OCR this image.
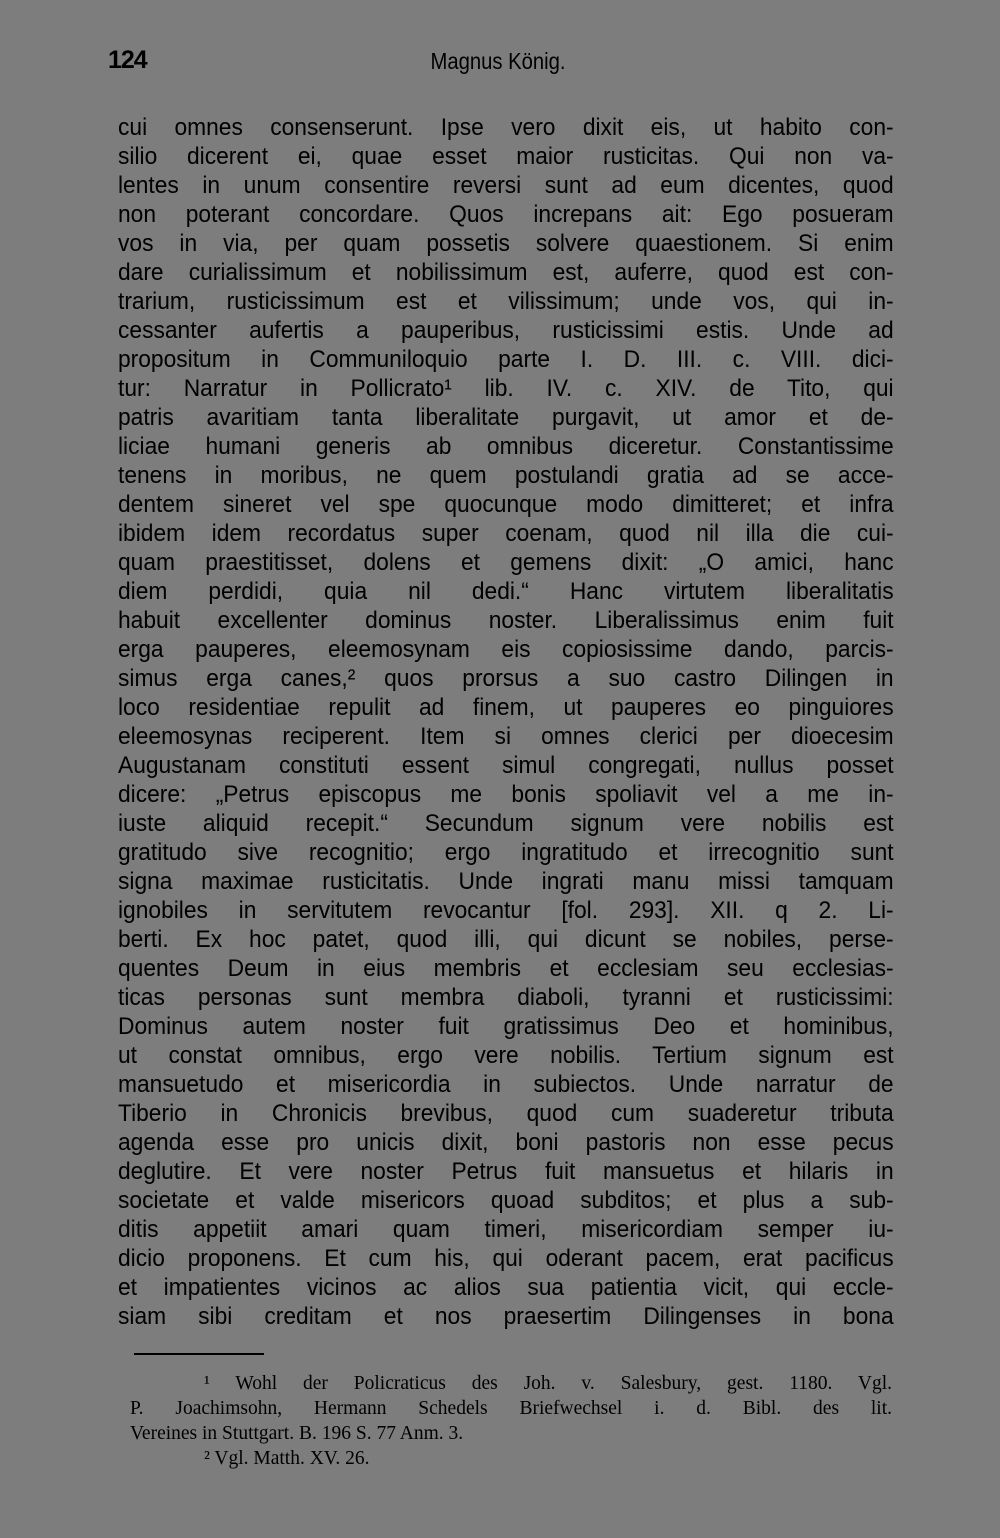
124	Magnus König.
cui omnes consenserunt. Ipse vero dixit eis, ut habito con-
silio dicerent ei, quae esset maior rusticitas. Qui non va-
lentes in unum consentire reversi sunt ad eum dicentes, quod
non poterant concordare. Quos increpans ait: Ego posueram
vos in via, per quam possetis solvere quaestionem. Si enim
dare curialissimum et nobilissimum est, auferre, quod est con-
trarium, rusticissimum est et vilissimum; unde vos, qui in-
cessanter aufertis a pauperibus, rusticissimi estis. Unde ad
propositum in Communiloquio parte I. D. III. c. VIII. dici-
tur: Narratur in Pollicrato¹ lib. IV. c. XIV. de Tito, qui
patris avaritiam tanta liberalitate purgavit, ut amor et de-
liciae humani generis ab omnibus diceretur. Constantissime
tenens in moribus, ne quem postulandi gratia ad se acce-
dentem sineret vel spe quocunque modo dimitteret; et infra
ibidem idem recordatus super coenam, quod nil illa die cui-
quam praestitisset, dolens et gemens dixit: „O amici, hanc
diem perdidi, quia nil dedi.“ Hanc virtutem liberalitatis
habuit excellenter dominus noster. Liberalissimus enim fuit
erga pauperes, eleemosynam eis copiosissime dando, parcis-
simus erga canes,² quos prorsus a suo castro Dilingen in
loco residentiae repulit ad finem, ut pauperes eo pinguiores
eleemosynas reciperent. Item si omnes clerici per dioecesim
Augustanam constituti essent simul congregati, nullus posset
dicere: „Petrus episcopus me bonis spoliavit vel a me in-
iuste aliquid recepit.“ Secundum signum vere nobilis est
gratitudo sive recognitio; ergo ingratitudo et irrecognitio sunt
signa maximae rusticitatis. Unde ingrati manu missi tamquam
ignobiles in servitutem revocantur [fol. 293]. XII. q 2. Li-
berti. Ex hoc patet, quod illi, qui dicunt se nobiles, perse-
quentes Deum in eius membris et ecclesiam seu ecclesias-
ticas personas sunt membra diaboli, tyranni et rusticissimi:
Dominus autem noster fuit gratissimus Deo et hominibus,
ut constat omnibus, ergo vere nobilis. Tertium signum est
mansuetudo et misericordia in subiectos. Unde narratur de
Tiberio in Chronicis brevibus, quod cum suaderetur tributa
agenda esse pro unicis dixit, boni pastoris non esse pecus
deglutire. Et vere noster Petrus fuit mansuetus et hilaris in
societate et valde misericors quoad subditos; et plus a sub-
ditis appetiit amari quam timeri, misericordiam semper iu-
dicio proponens. Et cum his, qui oderant pacem, erat pacificus
et impatientes vicinos ac alios sua patientia vicit, qui eccle-
siam sibi creditam et nos praesertim Dilingenses in bona
¹ Wohl der Policraticus des Joh. v. Salesbury, gest. 1180. Vgl.
P. Joachimsohn, Hermann Schedels Briefwechsel i. d. Bibl. des lit.
Vereines in Stuttgart. B. 196 S. 77 Anm. 3.
² Vgl. Matth. XV. 26.
